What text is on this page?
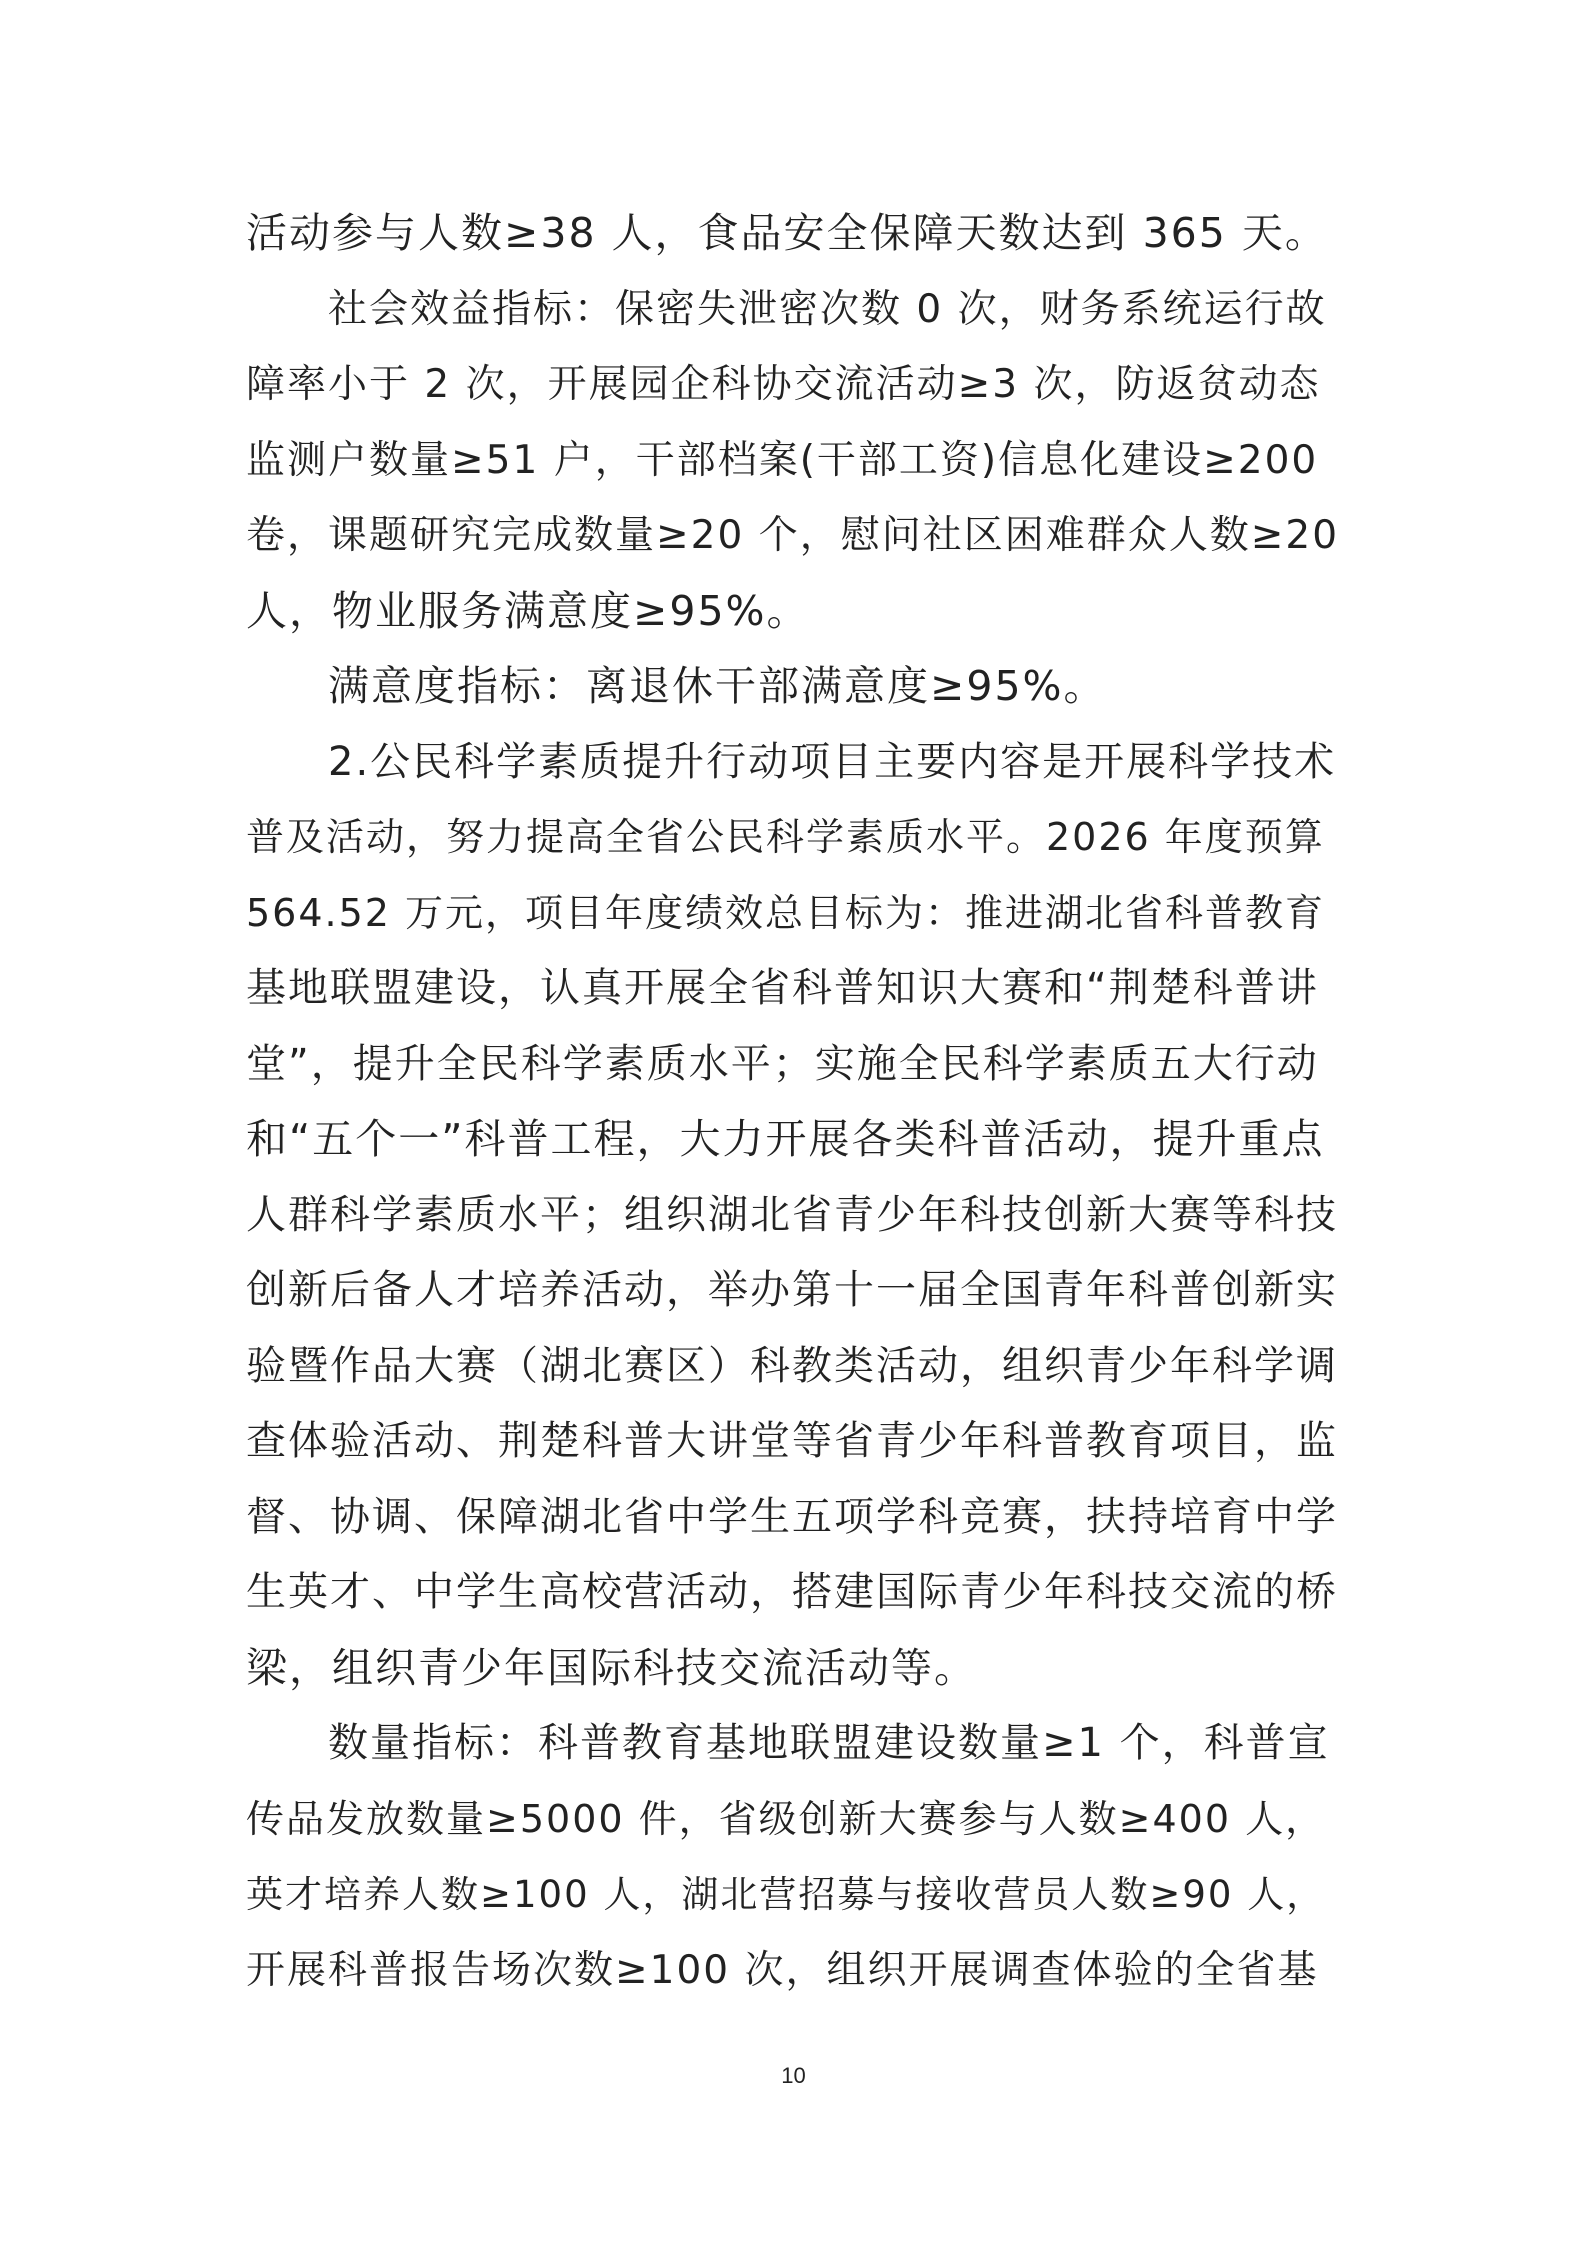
活动参与人数≥38 人，食品安全保障天数达到 365 天。
社会效益指标：保密失泄密次数 0 次，财务系统运行故
障率小于 2 次，开展园企科协交流活动≥3 次，防返贫动态
监测户数量≥51 户，干部档案(干部工资)信息化建设≥200
卷，课题研究完成数量≥20 个，慰问社区困难群众人数≥20
人，物业服务满意度≥95%。
满意度指标：离退休干部满意度≥95%。
2.公民科学素质提升行动项目主要内容是开展科学技术
普及活动，努力提高全省公民科学素质水平。2026 年度预算
564.52 万元，项目年度绩效总目标为：推进湖北省科普教育
基地联盟建设，认真开展全省科普知识大赛和“荆楚科普讲
堂”，提升全民科学素质水平；实施全民科学素质五大行动
和“五个一”科普工程，大力开展各类科普活动，提升重点
人群科学素质水平；组织湖北省青少年科技创新大赛等科技
创新后备人才培养活动，举办第十一届全国青年科普创新实
验暨作品大赛（湖北赛区）科教类活动，组织青少年科学调
查体验活动、荆楚科普大讲堂等省青少年科普教育项目，监
督、协调、保障湖北省中学生五项学科竞赛，扶持培育中学
生英才、中学生高校营活动，搭建国际青少年科技交流的桥
梁，组织青少年国际科技交流活动等。
数量指标：科普教育基地联盟建设数量≥1 个，科普宣
传品发放数量≥5000 件，省级创新大赛参与人数≥400 人，
英才培养人数≥100 人，湖北营招募与接收营员人数≥90 人，
开展科普报告场次数≥100 次，组织开展调查体验的全省基
10
